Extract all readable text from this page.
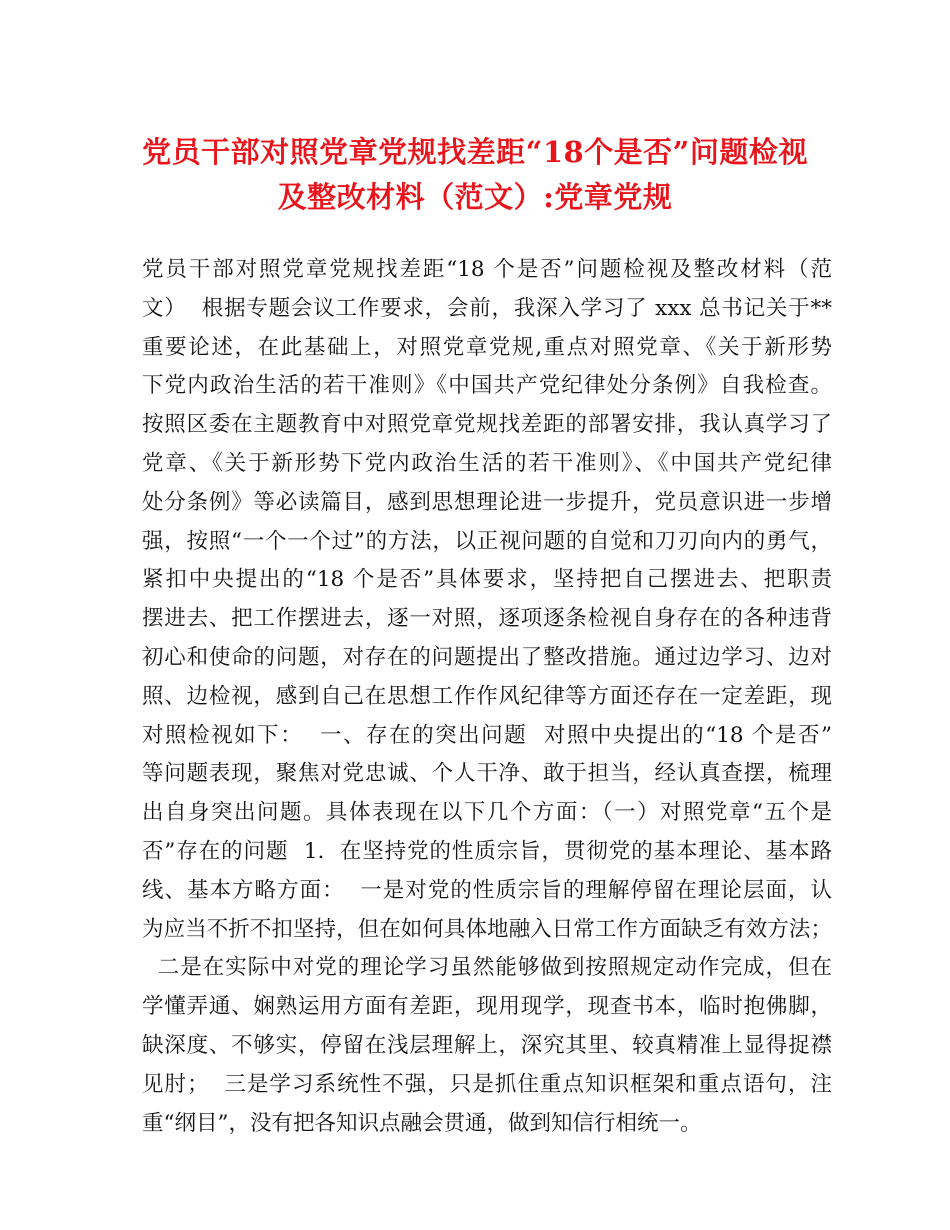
党员干部对照党章党规找差距“18个是否”问题检视
及整改材料（范文）:党章党规
党员干部对照党章党规找差距“18 个是否”问题检视及整改材料（范
文）  根据专题会议工作要求，会前，我深入学习了 xxx 总书记关于**
重要论述，在此基础上，对照党章党规,重点对照党章、《关于新形势
下党内政治生活的若干准则》《中国共产党纪律处分条例》自我检查。
按照区委在主题教育中对照党章党规找差距的部署安排，我认真学习了
党章、《关于新形势下党内政治生活的若干准则》、《中国共产党纪律
处分条例》等必读篇目，感到思想理论进一步提升，党员意识进一步增
强，按照“一个一个过”的方法，以正视问题的自觉和刀刃向内的勇气，
紧扣中央提出的“18 个是否”具体要求，坚持把自己摆进去、把职责
摆进去、把工作摆进去，逐一对照，逐项逐条检视自身存在的各种违背
初心和使命的问题，对存在的问题提出了整改措施。通过边学习、边对
照、边检视，感到自己在思想工作作风纪律等方面还存在一定差距，现
对照检视如下：  一、存在的突出问题  对照中央提出的“18 个是否”
等问题表现，聚焦对党忠诚、个人干净、敢于担当，经认真查摆，梳理
出自身突出问题。具体表现在以下几个方面：（一）对照党章“五个是
否”存在的问题  1.  在坚持党的性质宗旨，贯彻党的基本理论、基本路
线、基本方略方面：  一是对党的性质宗旨的理解停留在理论层面，认
为应当不折不扣坚持，但在如何具体地融入日常工作方面缺乏有效方法；
二是在实际中对党的理论学习虽然能够做到按照规定动作完成，但在
学懂弄通、娴熟运用方面有差距，现用现学，现查书本，临时抱佛脚，
缺深度、不够实，停留在浅层理解上，深究其里、较真精准上显得捉襟
见肘；  三是学习系统性不强，只是抓住重点知识框架和重点语句，注
重“纲目”，没有把各知识点融会贯通，做到知信行相统一。
